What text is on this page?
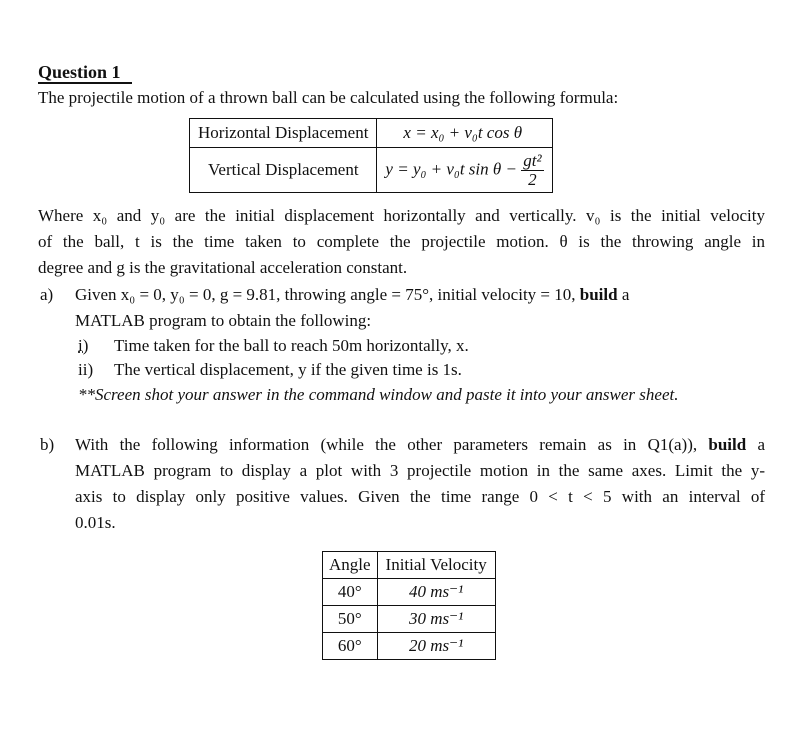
Question 1
The projectile motion of a thrown ball can be calculated using the following formula:
Horizontal Displacement	x = x₀ + v₀t cos θ
Vertical Displacement	y = y₀ + v₀t $\sin \theta - \frac{\text{gt²}}{2}$
Where x₀ and y₀ are the initial displacement horizontally and vertically. v₀ is the initial velocity
of the ball, t is the time taken to complete the projectile motion. θ is the throwing angle in
degree and g is the gravitational acceleration constant.
a) Given x₀ = 0, y₀ = 0, g = 9.81, throwing angle = 75°, initial velocity = 10, build a
MATLAB program to obtain the following:
i) Time taken for the ball to reach 50m horizontally, x.
ii) The vertical displacement, y if the given time is 1s.
**Screen shot your answer in the command window and paste it into your answer sheet.
b) With the following information (while the other parameters remain as in Q1(a)), build a
MATLAB program to display a plot with 3 projectile motion in the same axes. Limit the y-
axis to display only positive values. Given the time range 0 < t < 5 with an interval of
0.01s.
Angle	Initial Velocity
40°	40 ms⁻¹
50°	30 ms⁻¹
60°	20 ms⁻¹
